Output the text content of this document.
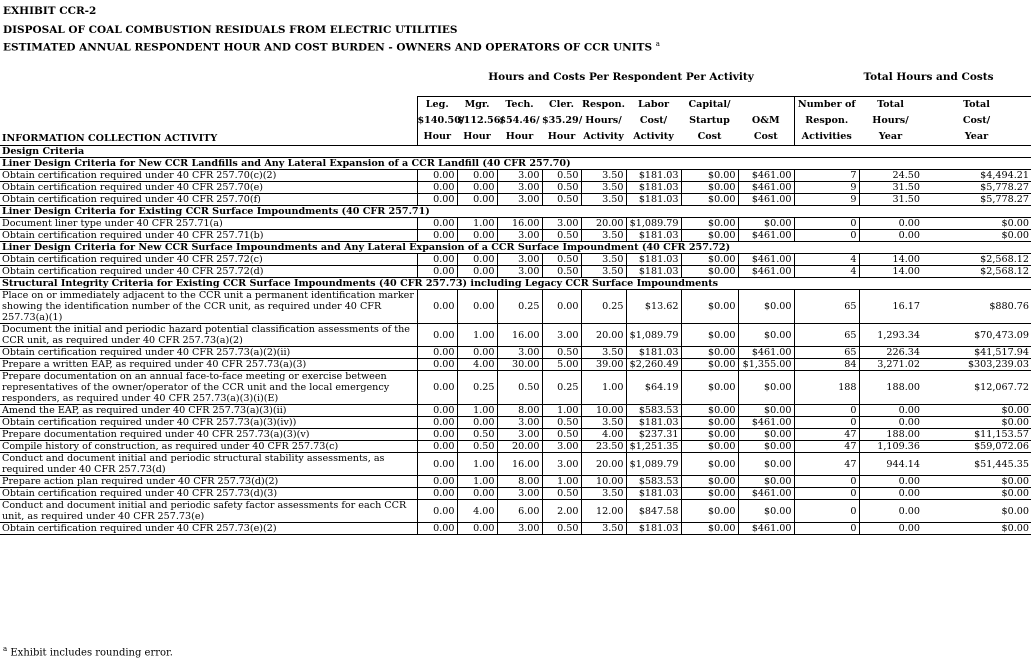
EXHIBIT CCR-2
DISPOSAL OF COAL COMBUSTION RESIDUALS FROM ELECTRIC UTILITIES
ESTIMATED ANNUAL RESPONDENT HOUR AND COST BURDEN - OWNERS AND OPERATORS OF CCR UNITS $^a$
Hours and Costs Per Respondent Per Activity	Total Hours and Costs
INFORMATION COLLECTION ACTIVITY	Leg.	Mgr.	Tech.	Cler.	Respon.	Labor	Capital/		Number of	Total	Total
	$140.50/	$112.56/	$54.46/	$35.29/	Hours/	Cost/	Startup	O&M	Respon.	Hours/	Cost/
	Hour	Hour	Hour	Hour	Activity	Activity	Cost	Cost	Activities	Year	Year
Design Criteria											
Liner Design Criteria for New CCR Landfills and Any Lateral Expansion of a CCR Landfill (40 CFR 257.70)											
Obtain certification required under 40 CFR 257.70(c)(2)	0.00	0.00	3.00	0.50	3.50	$181.03	$0.00	$461.00	7	24.50	$4,494.21
Obtain certification required under 40 CFR 257.70(e)	0.00	0.00	3.00	0.50	3.50	$181.03	$0.00	$461.00	9	31.50	$5,778.27
Obtain certification required under 40 CFR 257.70(f)	0.00	0.00	3.00	0.50	3.50	$181.03	$0.00	$461.00	9	31.50	$5,778.27
Liner Design Criteria for Existing CCR Surface Impoundments (40 CFR 257.71)											
Document liner type under 40 CFR 257.71(a)	0.00	1.00	16.00	3.00	20.00	$1,089.79	$0.00	$0.00	0	0.00	$0.00
Obtain certification required under 40 CFR 257.71(b)	0.00	0.00	3.00	0.50	3.50	$181.03	$0.00	$461.00	0	0.00	$0.00
Liner Design Criteria for New CCR Surface Impoundments and Any Lateral Expansion of a CCR Surface Impoundment (40 CFR 257.72)											
Obtain certification required under 40 CFR 257.72(c)	0.00	0.00	3.00	0.50	3.50	$181.03	$0.00	$461.00	4	14.00	$2,568.12
Obtain certification required under 40 CFR 257.72(d)	0.00	0.00	3.00	0.50	3.50	$181.03	$0.00	$461.00	4	14.00	$2,568.12
Structural Integrity Criteria for Existing CCR Surface Impoundments (40 CFR 257.73) including Legacy CCR Surface Impoundments											
Place on or immediately adjacent to the CCR unit a permanent identification marker showing the identification number of the CCR unit, as required under 40 CFR 257.73(a)(1)	0.00	0.00	0.25	0.00	0.25	$13.62	$0.00	$0.00	65	16.17	$880.76
Document the initial and periodic hazard potential classification assessments of the CCR unit, as required under 40 CFR 257.73(a)(2)	0.00	1.00	16.00	3.00	20.00	$1,089.79	$0.00	$0.00	65	1,293.34	$70,473.09
Obtain certification required under 40 CFR 257.73(a)(2)(ii)	0.00	0.00	3.00	0.50	3.50	$181.03	$0.00	$461.00	65	226.34	$41,517.94
Prepare a written EAP, as required under 40 CFR 257.73(a)(3)	0.00	4.00	30.00	5.00	39.00	$2,260.49	$0.00	$1,355.00	84	3,271.02	$303,239.03
Prepare documentation on an annual face-to-face meeting or exercise between representatives of the owner/operator of the CCR unit and the local emergency responders, as required under 40 CFR 257.73(a)(3)(i)(E)	0.00	0.25	0.50	0.25	1.00	$64.19	$0.00	$0.00	188	188.00	$12,067.72
Amend the EAP, as required under 40 CFR 257.73(a)(3)(ii)	0.00	1.00	8.00	1.00	10.00	$583.53	$0.00	$0.00	0	0.00	$0.00
Obtain certification required under 40 CFR 257.73(a)(3)(iv))	0.00	0.00	3.00	0.50	3.50	$181.03	$0.00	$461.00	0	0.00	$0.00
Prepare documentation required under 40 CFR 257.73(a)(3)(v)	0.00	0.50	3.00	0.50	4.00	$237.31	$0.00	$0.00	47	188.00	$11,153.57
Compile history of construction, as required under 40 CFR 257.73(c)	0.00	0.50	20.00	3.00	23.50	$1,251.35	$0.00	$0.00	47	1,109.36	$59,072.06
Conduct and document initial and periodic structural stability assessments, as required under 40 CFR 257.73(d)	0.00	1.00	16.00	3.00	20.00	$1,089.79	$0.00	$0.00	47	944.14	$51,445.35
Prepare action plan required under 40 CFR 257.73(d)(2)	0.00	1.00	8.00	1.00	10.00	$583.53	$0.00	$0.00	0	0.00	$0.00
Obtain certification required under 40 CFR 257.73(d)(3)	0.00	0.00	3.00	0.50	3.50	$181.03	$0.00	$461.00	0	0.00	$0.00
Conduct and document initial and periodic safety factor assessments for each CCR unit, as required under 40 CFR 257.73(e)	0.00	4.00	6.00	2.00	12.00	$847.58	$0.00	$0.00	0	0.00	$0.00
Obtain certification required under 40 CFR 257.73(e)(2)	0.00	0.00	3.00	0.50	3.50	$181.03	$0.00	$461.00	0	0.00	$0.00
$^a$ Exhibit includes rounding error.
